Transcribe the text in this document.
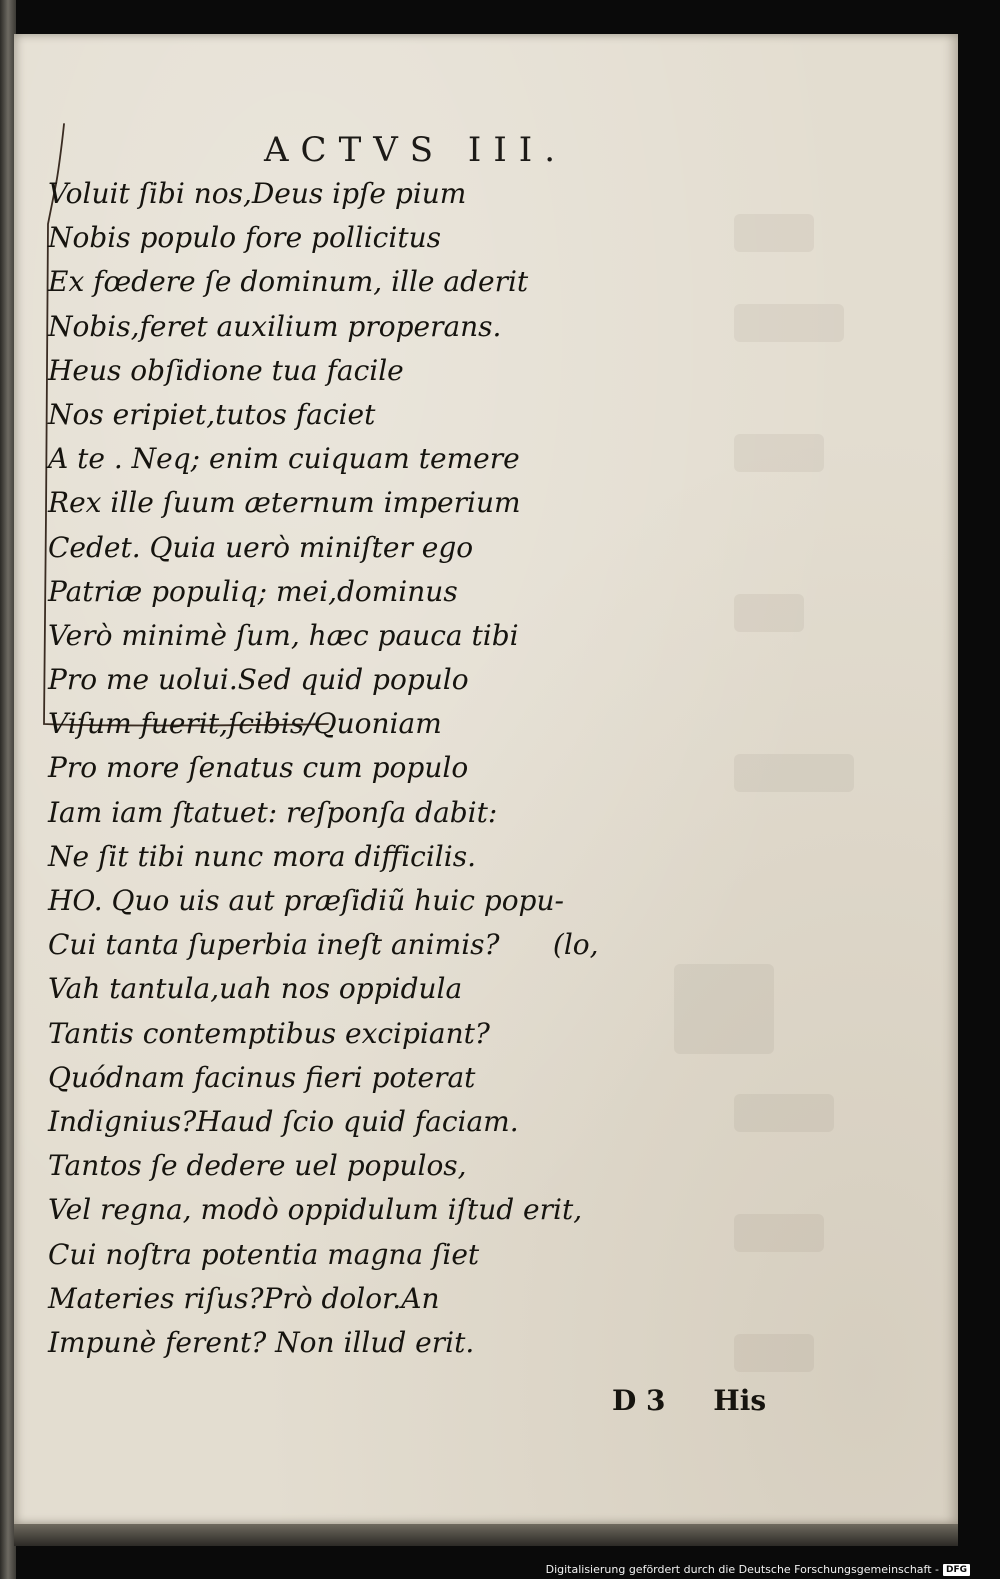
ACTVS III.
Voluit ſibi nos,Deus ipſe pium
Nobis populo fore pollicitus
Ex fœdere ſe dominum, ille aderit
Nobis,feret auxilium properans.
Heus obſidione tua facile
Nos eripiet,tutos faciet
A te . Neq; enim cuiquam temere
Rex ille ſuum æternum imperium
Cedet. Quia uerò miniſter ego
Patriæ populiq; mei,dominus
Verò minimè ſum, hæc pauca tibi
Pro me uolui.Sed quid populo
Viſum fuerit,ſcibis/Quoniam
Pro more ſenatus cum populo
Iam iam ſtatuet: reſponſa dabit:
Ne ſit tibi nunc mora difficilis.
HO. Quo uis aut præſidiũ huic popu-
Cui tanta ſuperbia ineſt animis?      (lo,
Vah tantula,uah nos oppidula
Tantis contemptibus excipiant?
Quódnam facinus fieri poterat
Indignius?Haud ſcio quid faciam.
Tantos ſe dedere uel populos,
Vel regna, modò oppidulum iſtud erit,
Cui noſtra potentia magna ſiet
Materies riſus?Prò dolor.An
Impunè ferent? Non illud erit.
D 3 His
Digitalisierung gefördert durch die Deutsche Forschungsgemeinschaft - DFG
